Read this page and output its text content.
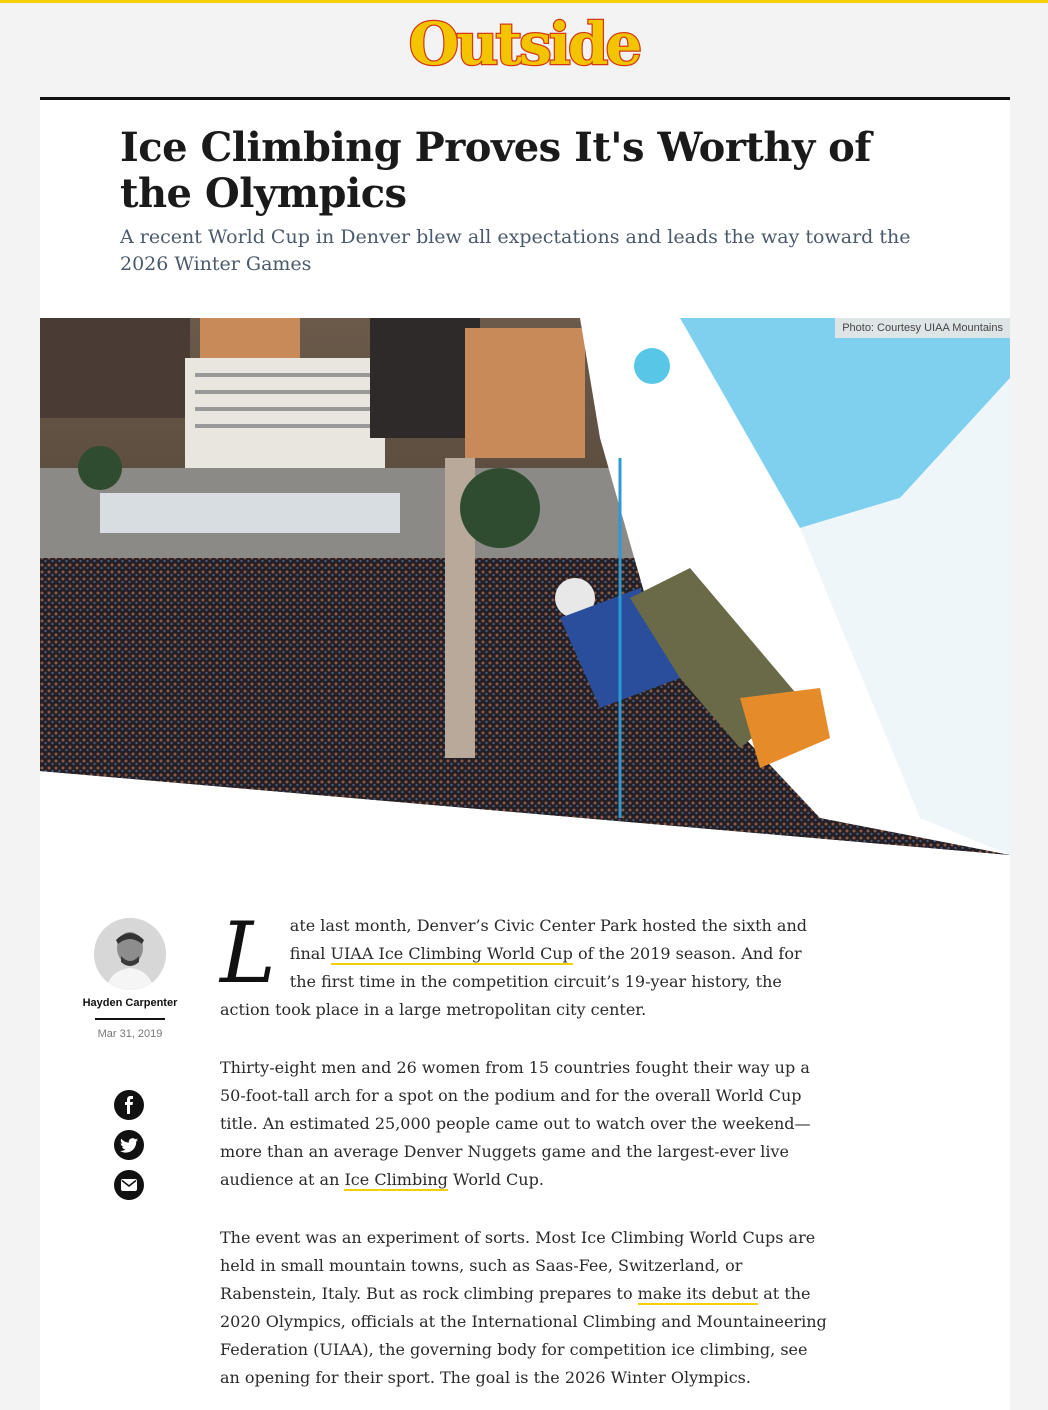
Outside
Ice Climbing Proves It's Worthy of the Olympics
A recent World Cup in Denver blew all expectations and leads the way toward the 2026 Winter Games
Photo: Courtesy UIAA Mountains
Hayden Carpenter
Mar 31, 2019

Late last month, Denver’s Civic Center Park hosted the sixth and final UIAA Ice Climbing World Cup of the 2019 season. And for the first time in the competition circuit’s 19-year history, the action took place in a large metropolitan city center.

Thirty-eight men and 26 women from 15 countries fought their way up a 50-foot-tall arch for a spot on the podium and for the overall World Cup title. An estimated 25,000 people came out to watch over the weekend—more than an average Denver Nuggets game and the largest-ever live audience at an Ice Climbing World Cup.

The event was an experiment of sorts. Most Ice Climbing World Cups are held in small mountain towns, such as Saas-Fee, Switzerland, or Rabenstein, Italy. But as rock climbing prepares to make its debut at the 2020 Olympics, officials at the International Climbing and Mountaineering Federation (UIAA), the governing body for competition ice climbing, see an opening for their sport. The goal is the 2026 Winter Olympics.
